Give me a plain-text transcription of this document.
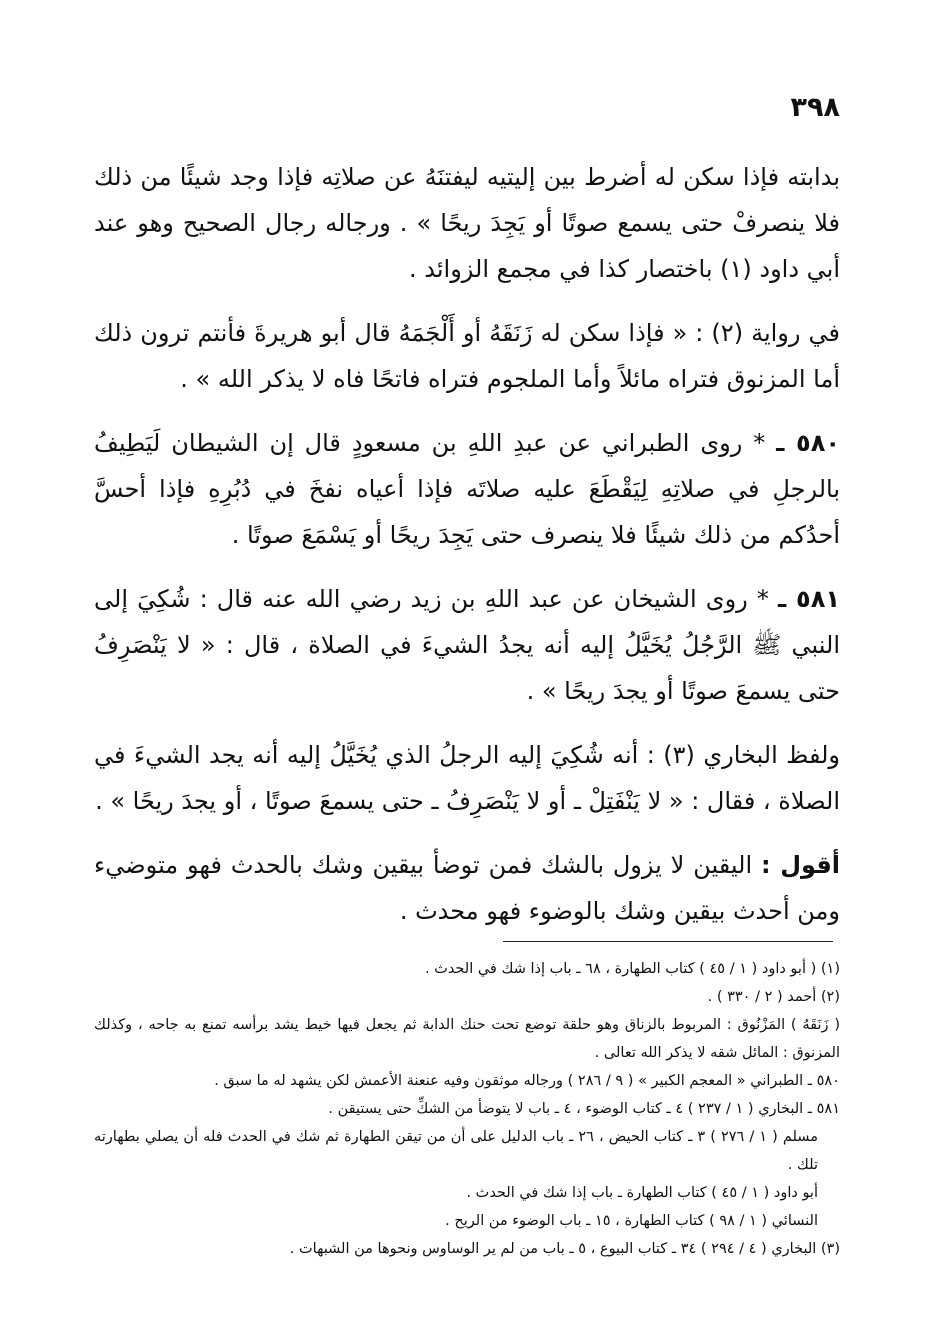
٣٩٨

بدابته فإذا سكن له أضرط بين إليتيه ليفتنَهُ عن صلاتِه فإذا وجد شيئًا من ذلك فلا ينصرفْ حتى يسمع صوتًا أو يَجِدَ ريحًا » . ورجاله رجال الصحيح وهو عند أبي داود (١) باختصار كذا في مجمع الزوائد .

في رواية (٢) : « فإذا سكن له زَنَقَهُ أو أَلْجَمَهُ قال أبو هريرةَ فأنتم ترون ذلك أما المزنوق فتراه مائلاً وأما الملجوم فتراه فاتحًا فاه لا يذكر الله » .

٥٨٠ ـ * روى الطبراني عن عبدِ اللهِ بن مسعودٍ قال إن الشيطان لَيَطِيفُ بالرجلِ في صلاتِهِ لِيَقْطَعَ عليه صلاتَه فإذا أعياه نفخَ في دُبُرِهِ فإذا أحسَّ أحدُكم من ذلك شيئًا فلا ينصرف حتى يَجِدَ ريحًا أو يَسْمَعَ صوتًا .

٥٨١ ـ * روى الشيخان عن عبد اللهِ بن زيد رضي الله عنه قال : شُكِيَ إلى النبي ﷺ الرَّجُلُ يُخَيَّلُ إليه أنه يجدُ الشيءَ في الصلاة ، قال : « لا يَنْصَرِفُ حتى يسمعَ صوتًا أو يجدَ ريحًا » .

ولفظ البخاري (٣) : أنه شُكِيَ إليه الرجلُ الذي يُخَيَّلُ إليه أنه يجد الشيءَ في الصلاة ، فقال : « لا يَنْفَتِلْ ـ أو لا يَنْصَرِفُ ـ حتى يسمعَ صوتًا ، أو يجدَ ريحًا » .

أقول : اليقين لا يزول بالشك فمن توضأ بيقين وشك بالحدث فهو متوضيء ومن أحدث بيقين وشك بالوضوء فهو محدث .

(١) ( أبو داود ( ١ / ٤٥ ) كتاب الطهارة ، ٦٨ ـ باب إذا شك في الحدث .

(٢) أحمد ( ٢ / ٣٣٠ ) .

( زَنَقَهُ ) المَزْنُوق : المربوط بالزناق وهو حلقة توضع تحت حنك الدابة ثم يجعل فيها خيط يشد برأسه تمنع به جاحه ، وكذلك المزنوق : المائل شقه لا يذكر الله تعالى .

٥٨٠ ـ الطبراني « المعجم الكبير » ( ٩ / ٢٨٦ ) ورجاله موثقون وفيه عنعنة الأعمش لكن يشهد له ما سبق .

٥٨١ ـ البخاري ( ١ / ٢٣٧ ) ٤ ـ كتاب الوضوء ، ٤ ـ باب لا يتوضأ من الشكِّ حتى يستيقن .

مسلم ( ١ / ٢٧٦ ) ٣ ـ كتاب الحيض ، ٢٦ ـ باب الدليل على أن من تيقن الطهارة ثم شك في الحدث فله أن يصلي بطهارته تلك .

أبو داود ( ١ / ٤٥ ) كتاب الطهارة ـ باب إذا شك في الحدث .

النسائي ( ١ / ٩٨ ) كتاب الطهارة ، ١٥ ـ باب الوضوء من الريح .

(٣) البخاري ( ٤ / ٢٩٤ ) ٣٤ ـ كتاب البيوع ، ٥ ـ باب من لم ير الوساوس ونحوها من الشبهات .
